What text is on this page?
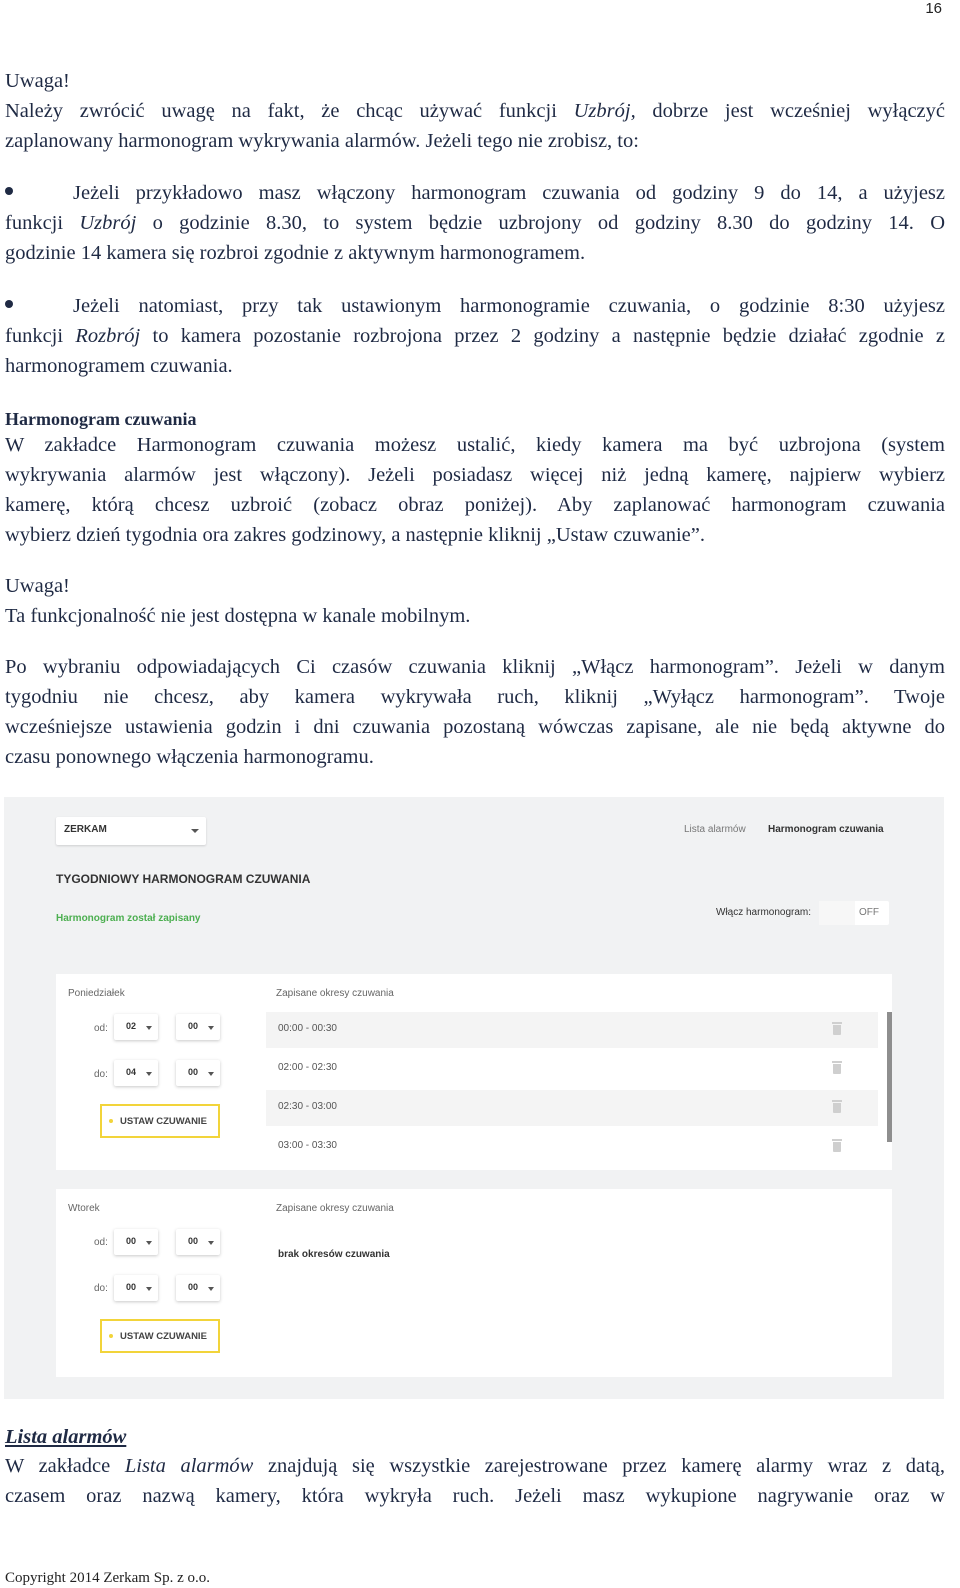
16
Uwaga!
Należy zwrócić uwagę na fakt, że chcąc używać funkcji Uzbrój, dobrze jest wcześniej wyłączyć
zaplanowany harmonogram wykrywania alarmów. Jeżeli tego nie zrobisz, to:
Jeżeli przykładowo masz włączony harmonogram czuwania od godziny 9 do 14, a użyjesz
funkcji Uzbrój o godzinie 8.30, to system będzie uzbrojony od godziny 8.30 do godziny 14. O
godzinie 14 kamera się rozbroi zgodnie z aktywnym harmonogramem.
Jeżeli natomiast, przy tak ustawionym harmonogramie czuwania, o godzinie 8:30 użyjesz
funkcji Rozbrój to kamera pozostanie rozbrojona przez 2 godziny a następnie będzie działać zgodnie z
harmonogramem czuwania.
Harmonogram czuwania
W zakładce Harmonogram czuwania możesz ustalić, kiedy kamera ma być uzbrojona (system
wykrywania alarmów jest włączony). Jeżeli posiadasz więcej niż jedną kamerę, najpierw wybierz
kamerę, którą chcesz uzbroić (zobacz obraz poniżej). Aby zaplanować harmonogram czuwania
wybierz dzień tygodnia ora zakres godzinowy, a następnie kliknij „Ustaw czuwanie”.
Uwaga!
Ta funkcjonalność nie jest dostępna w kanale mobilnym.
Po wybraniu odpowiadających Ci czasów czuwania kliknij „Włącz harmonogram”. Jeżeli w danym
tygodniu nie chcesz, aby kamera wykrywała ruch, kliknij „Wyłącz harmonogram”. Twoje
wcześniejsze ustawienia godzin i dni czuwania pozostaną wówczas zapisane, ale nie będą aktywne do
czasu ponownego włączenia harmonogramu.
ZERKAM	Lista alarmów Harmonogram czuwania
TYGODNIOWY HARMONOGRAM CZUWANIA
Harmonogram został zapisany
Włącz harmonogram:	OFF
Poniedziałek	Zapisane okresy czuwania
od:	02	00
do:	04	00
USTAW CZUWANIE
00:00 - 00:30
02:00 - 02:30
02:30 - 03:00
03:00 - 03:30
Wtorek	Zapisane okresy czuwania
od:	00	00
do:	00	00
USTAW CZUWANIE
brak okresów czuwania
Lista alarmów
W zakładce Lista alarmów znajdują się wszystkie zarejestrowane przez kamerę alarmy wraz z datą,
czasem oraz nazwą kamery, która wykryła ruch. Jeżeli masz wykupione nagrywanie oraz w
Copyright 2014 Zerkam Sp. z o.o.
